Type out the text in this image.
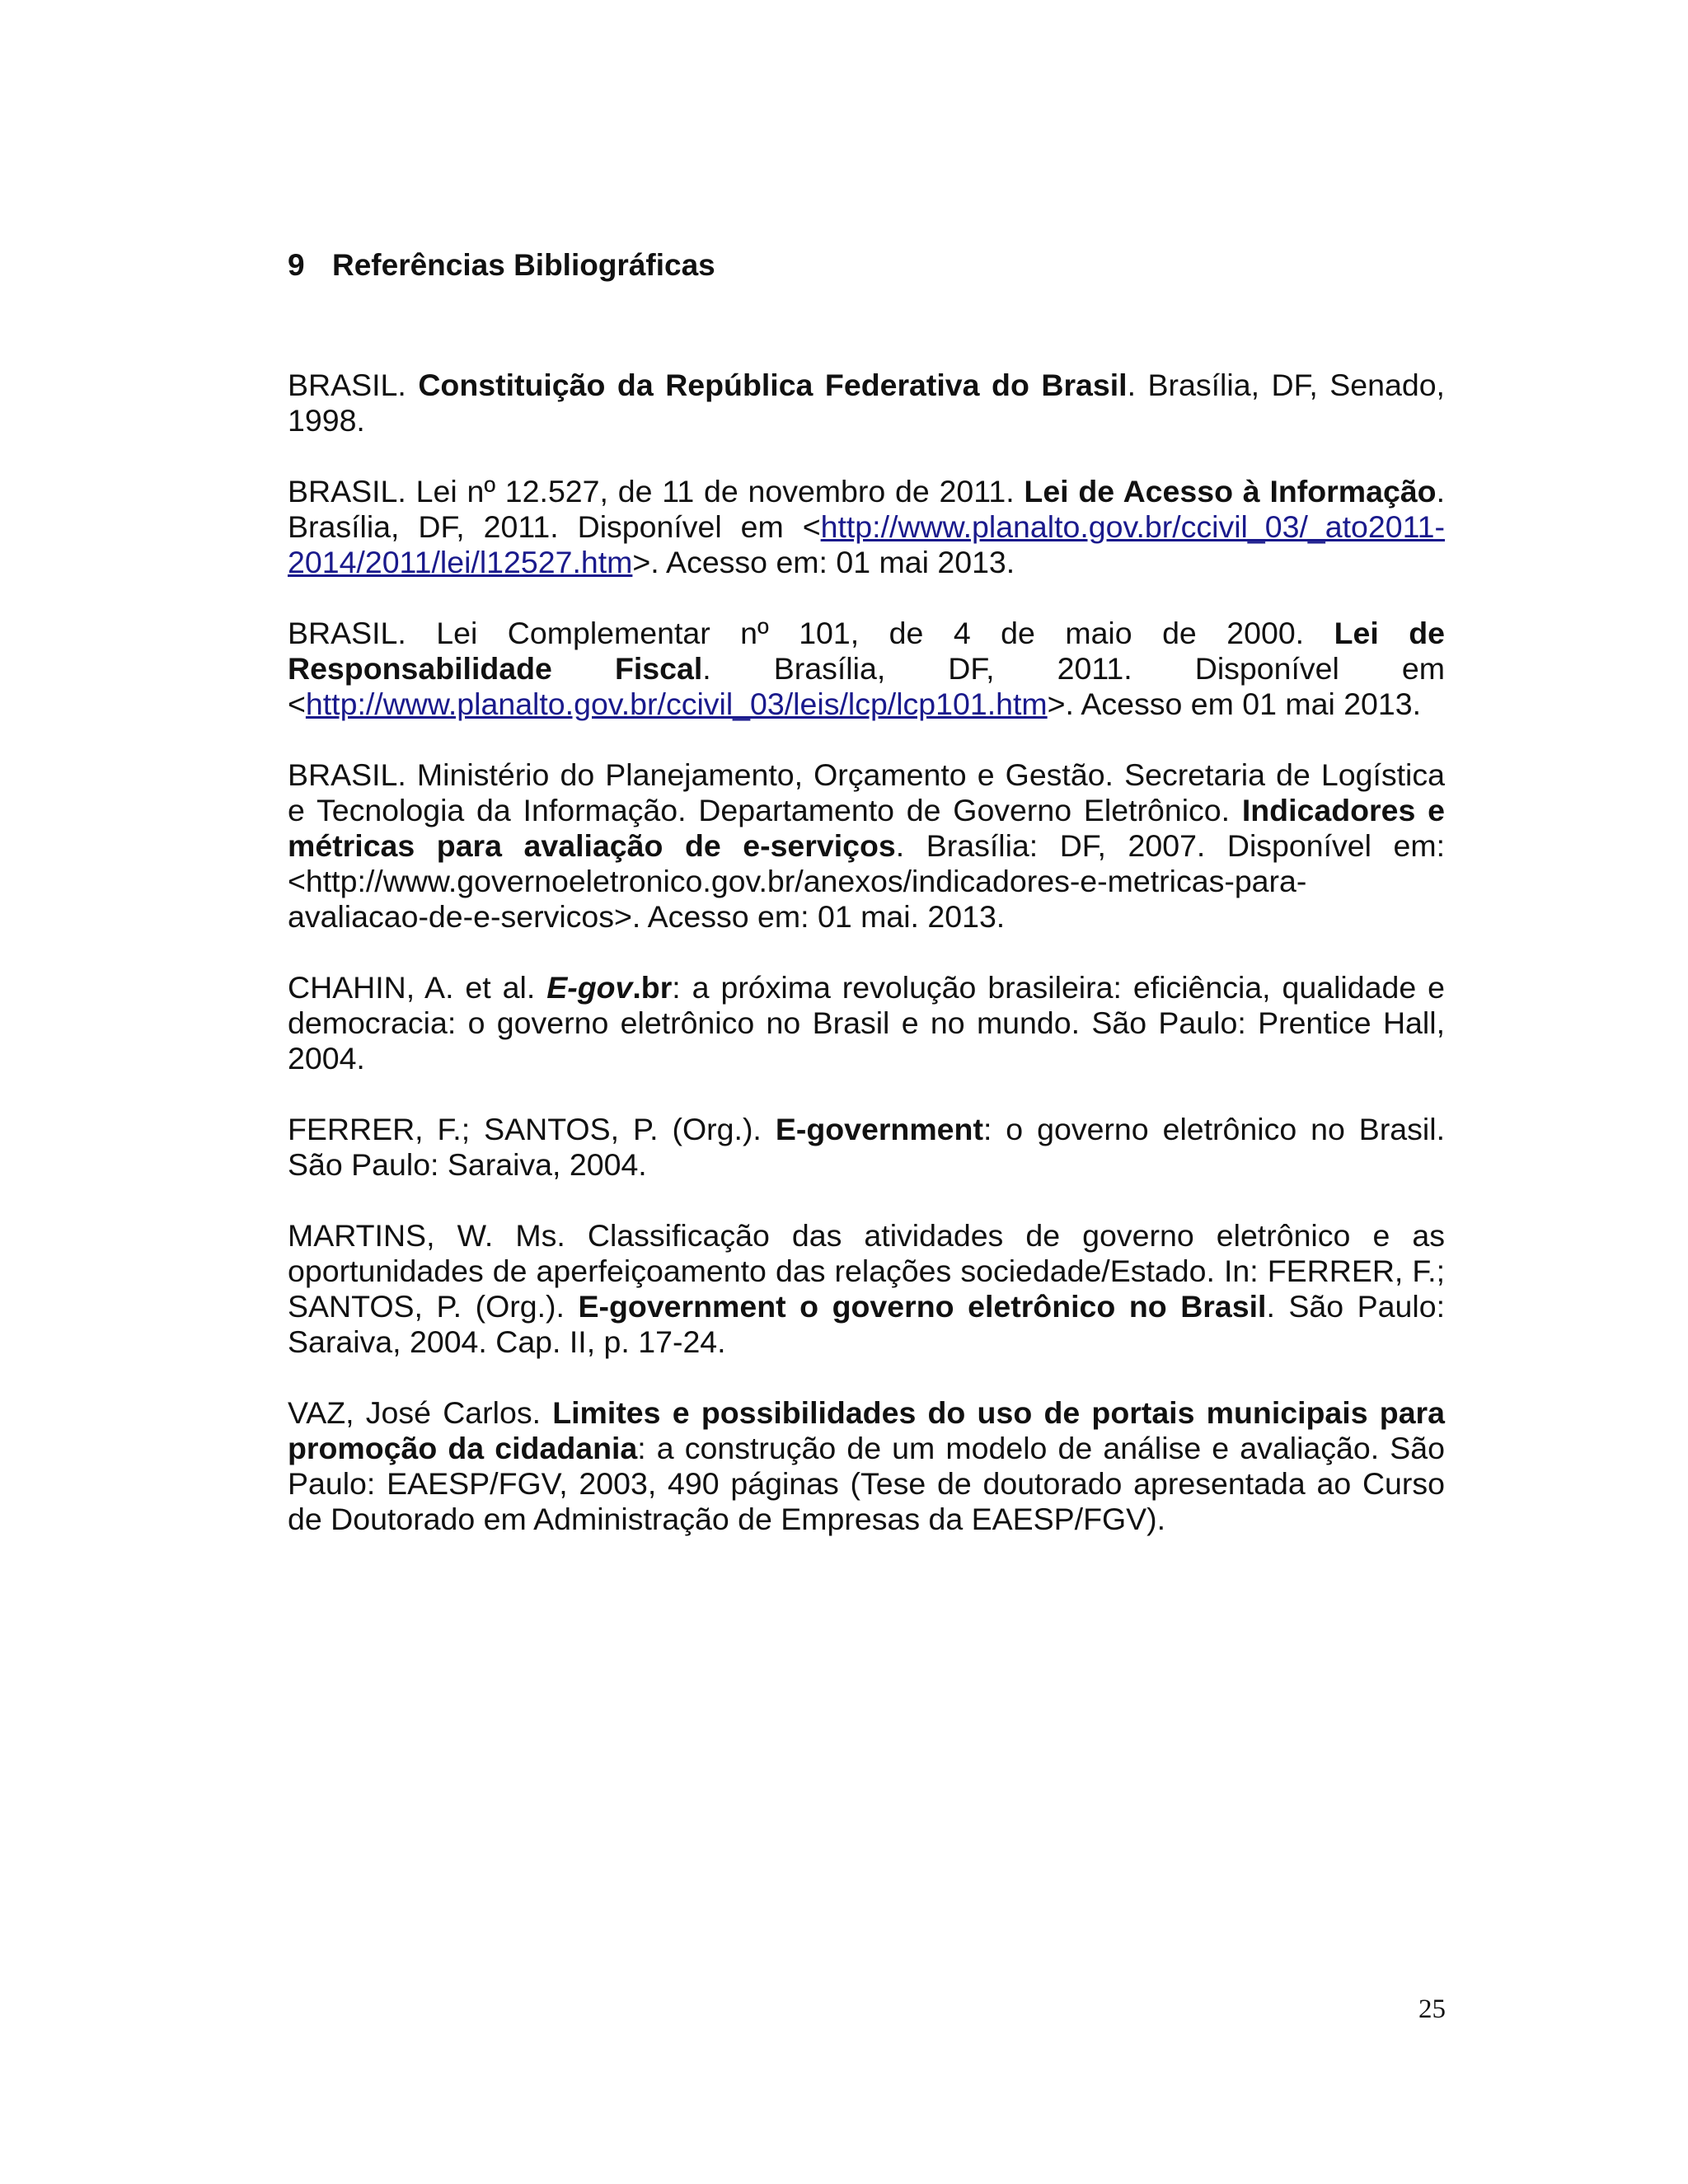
9 Referências Bibliográficas

BRASIL. Constituição da República Federativa do Brasil. Brasília, DF, Senado, 1998.

BRASIL. Lei nº 12.527, de 11 de novembro de 2011. Lei de Acesso à Informação. Brasília, DF, 2011. Disponível em <http://www.planalto.gov.br/ccivil_03/_ato2011-2014/2011/lei/l12527.htm>. Acesso em: 01 mai 2013.

BRASIL. Lei Complementar nº 101, de 4 de maio de 2000. Lei de Responsabilidade Fiscal. Brasília, DF, 2011. Disponível em <http://www.planalto.gov.br/ccivil_03/leis/lcp/lcp101.htm>. Acesso em 01 mai 2013.

BRASIL. Ministério do Planejamento, Orçamento e Gestão. Secretaria de Logística e Tecnologia da Informação. Departamento de Governo Eletrônico. Indicadores e métricas para avaliação de e-serviços. Brasília: DF, 2007. Disponível em: <http://www.governoeletronico.gov.br/anexos/indicadores-e-metricas-para-avaliacao-de-e-servicos>. Acesso em: 01 mai. 2013.

CHAHIN, A. et al. E-gov.br: a próxima revolução brasileira: eficiência, qualidade e democracia: o governo eletrônico no Brasil e no mundo. São Paulo: Prentice Hall, 2004.

FERRER, F.; SANTOS, P. (Org.). E-government: o governo eletrônico no Brasil. São Paulo: Saraiva, 2004.

MARTINS, W. Ms. Classificação das atividades de governo eletrônico e as oportunidades de aperfeiçoamento das relações sociedade/Estado. In: FERRER, F.; SANTOS, P. (Org.). E-government o governo eletrônico no Brasil. São Paulo: Saraiva, 2004. Cap. II, p. 17-24.

VAZ, José Carlos. Limites e possibilidades do uso de portais municipais para promoção da cidadania: a construção de um modelo de análise e avaliação. São Paulo: EAESP/FGV, 2003, 490 páginas (Tese de doutorado apresentada ao Curso de Doutorado em Administração de Empresas da EAESP/FGV).

25
